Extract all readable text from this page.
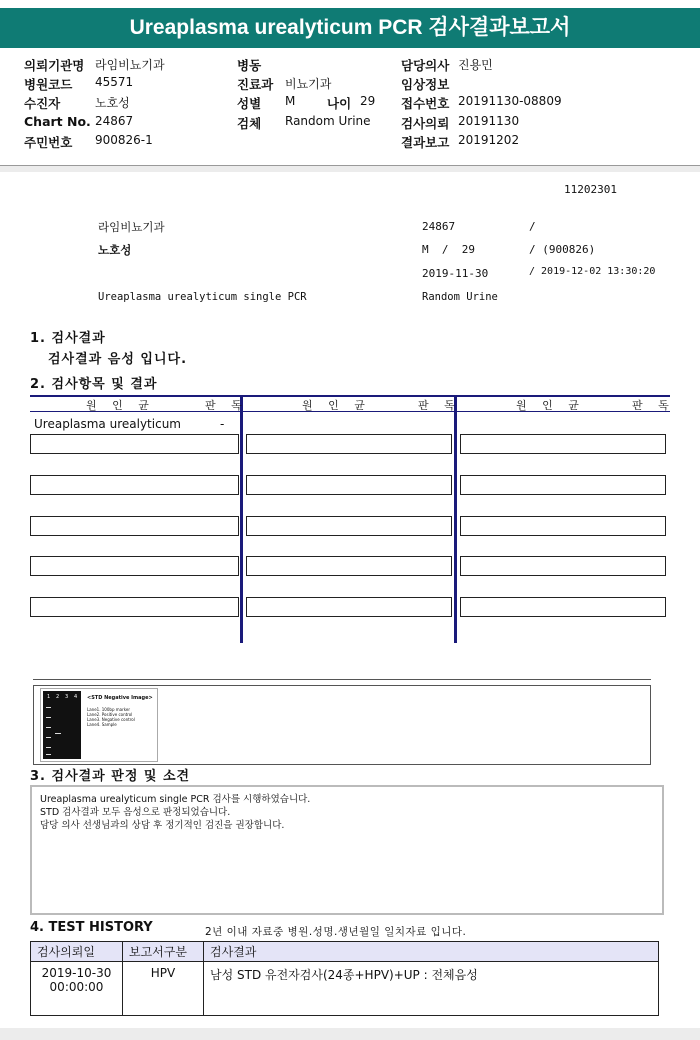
Ureaplasma urealyticum PCR 검사결과보고서
의뢰기관명 라임비뇨기과
병원코드 45571
수진자	노호성
Chart No. 24867
주민번호 900826-1
병동
진료과 비뇨기과
성별 M	나이 29
검체 Random Urine
담당의사 진용민
임상정보
접수번호 20191130-08809
검사의뢰 20191130
결과보고 20191202
11202301
라임비뇨기과	24867	/
노호성	M  /  29	/ (900826)
2019-11-30	/ 2019-12-02 13:30:20
Ureaplasma urealyticum single PCR	Random Urine
1. 검사결과
검사결과 음성 입니다.
2. 검사항목 및 결과
원 인 균	판 독	원 인 균	판 독	원 인 균	판 독
Ureaplasma urealyticum	-
1 2 3 4 <STD Negative Image>
Lane1. 100bp marker
Lane2. Positive control
Lane3. Negative control
Lane4. Sample
3. 검사결과 판정 및 소견
Ureaplasma urealyticum single PCR 검사를 시행하였습니다.
STD 검사결과 모두 음성으로 판정되었습니다.
담당 의사 선생님과의 상담 후 정기적인 검진을 권장합니다.
4. TEST HISTORY	2년 이내 자료중 병원.성명.생년월일 일치자료 입니다.
검사의뢰일	보고서구분	검사결과

2019-10-30
00:00:00	HPV	남성 STD 유전자검사(24종+HPV)+UP : 전체음성
